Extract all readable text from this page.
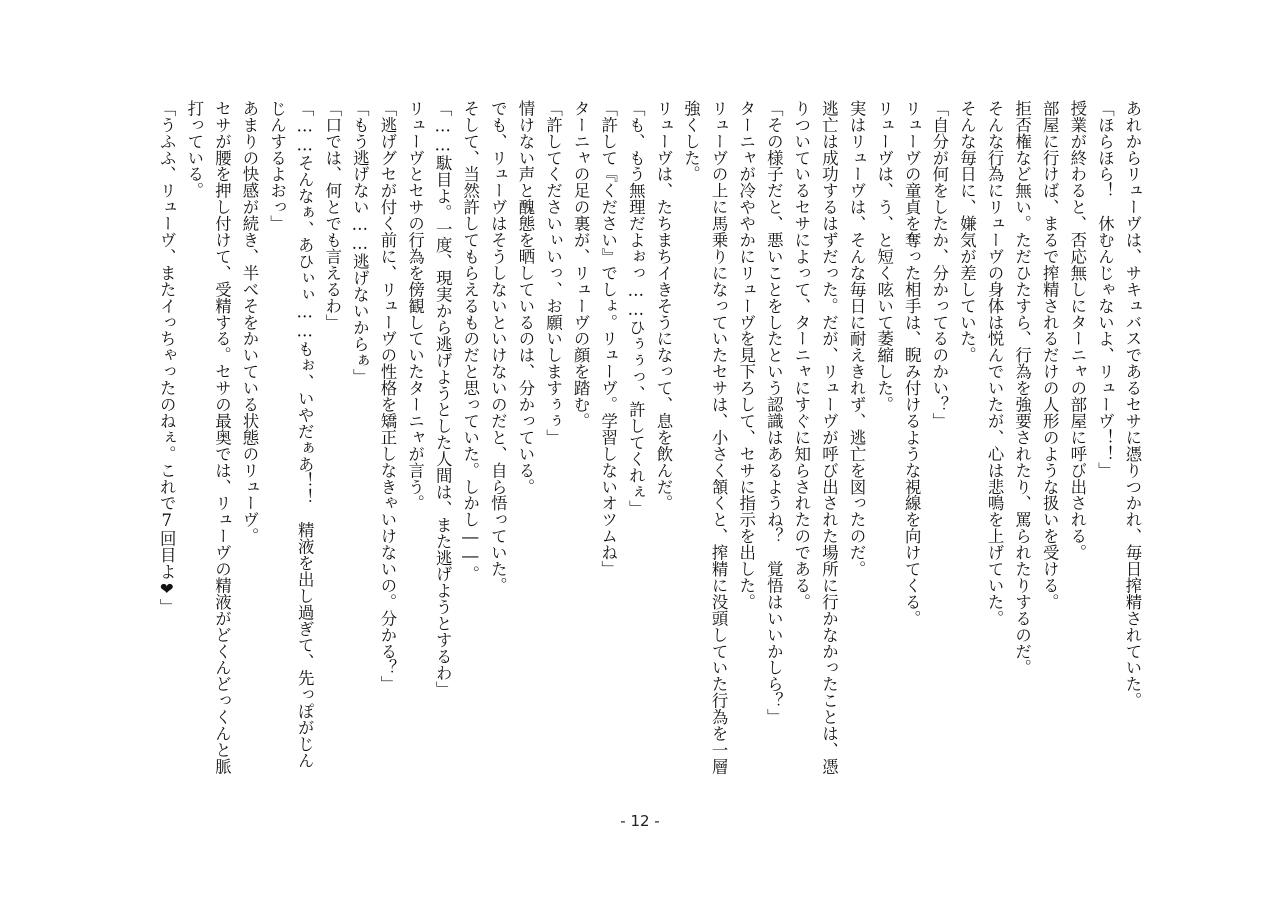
あれからリューヴは、サキュバスであるセサに憑りつかれ、毎日搾精されていた。

「ほらほら！　休むんじゃないよ、リューヴ！！」

授業が終わると、否応無しにターニャの部屋に呼び出される。

部屋に行けば、まるで搾精されるだけの人形のような扱いを受ける。

拒否権など無い。ただひたすら、行為を強要されたり、罵られたりするのだ。

そんな行為にリューヴの身体は悦んでいたが、心は悲鳴を上げていた。

そんな毎日に、嫌気が差していた。

「自分が何をしたか、分かってるのかい？」

リューヴの童貞を奪った相手は、睨み付けるような視線を向けてくる。

リューヴは、う、と短く呟いて萎縮した。

実はリューヴは、そんな毎日に耐えきれず、逃亡を図ったのだ。

逃亡は成功するはずだった。だが、リューヴが呼び出された場所に行かなかったことは、憑りついているセサによって、ターニャにすぐに知らされたのである。

「その様子だと、悪いことをしたという認識はあるようね？　覚悟はいいかしら？」

ターニャが冷ややかにリューヴを見下ろして、セサに指示を出した。

リューヴの上に馬乗りになっていたセサは、小さく頷くと、搾精に没頭していた行為を一層強くした。

リューヴは、たちまちイきそうになって、息を飲んだ。

「も、もう無理だよぉっ……ひぅぅっ、許してくれぇ」

「許して『ください』でしょ。リューヴ。学習しないオツムね」

ターニャの足の裏が、リューヴの顔を踏む。

「許してくださいぃいっ、お願いしますぅぅ」

情けない声と醜態を晒しているのは、分かっている。

でも、リューヴはそうしないといけないのだと、自ら悟っていた。

そして、当然許してもらえるものだと思っていた。しかし――。

「……駄目よ。一度、現実から逃げようとした人間は、また逃げようとするわ」

リューヴとセサの行為を傍観していたターニャが言う。

「逃げグセが付く前に、リューヴの性格を矯正しなきゃいけないの。分かる？」

「もう逃げない……逃げないからぁ」

「口では、何とでも言えるわ」

「……そんなぁ、あひぃぃ……もぉ、いやだぁあ！！　精液を出し過ぎて、先っぽがじんじんするよおっ」

あまりの快感が続き、半べそをかいている状態のリューヴ。

セサが腰を押し付けて、受精する。セサの最奥では、リューヴの精液がどくんどっくんと脈打っている。

「うふふ、リューヴ、またイっちゃったのねぇ。これで7回目よ❤」

- 12 -
